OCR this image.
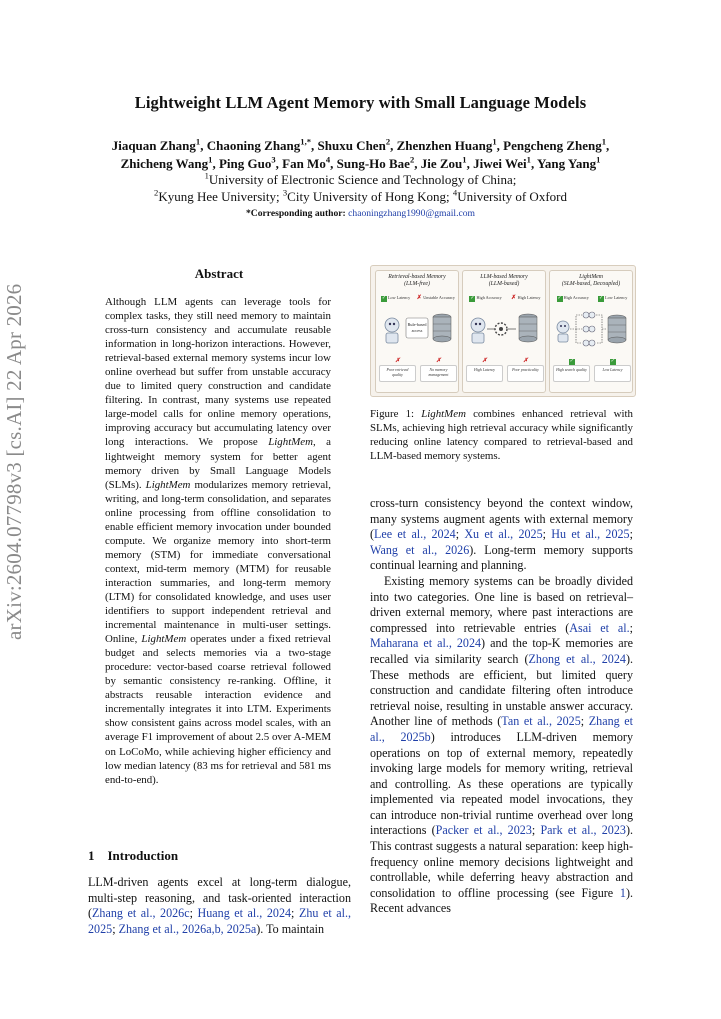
Lightweight LLM Agent Memory with Small Language Models
Jiaquan Zhang$^1$, Chaoning Zhang$^{1,*}$, Shuxu Chen$^2$, Zhenzhen Huang$^1$, Pengcheng Zheng$^1$,
Zhicheng Wang$^1$, Ping Guo$^3$, Fan Mo$^4$, Sung-Ho Bae$^2$, Jie Zou$^1$, Jiwei Wei$^1$, Yang Yang$^1$
$^1$University of Electronic Science and Technology of China;
$^2$Kyung Hee University; $^3$City University of Hong Kong; $^4$University of Oxford
*Corresponding author: chaoningzhang1990@gmail.com
arXiv:2604.07798v3 [cs.AI] 22 Apr 2026
Abstract
Although LLM agents can leverage tools for complex tasks, they still need memory to maintain cross-turn consistency and accumulate reusable information in long-horizon interactions. However, retrieval-based external memory systems incur low online overhead but suffer from unstable accuracy due to limited query construction and candidate filtering. In contrast, many systems use repeated large-model calls for online memory operations, improving accuracy but accumulating latency over long interactions. We propose LightMem, a lightweight memory system for better agent memory driven by Small Language Models (SLMs). LightMem modularizes memory retrieval, writing, and long-term consolidation, and separates online processing from offline consolidation to enable efficient memory invocation under bounded compute. We organize memory into short-term memory (STM) for immediate conversational context, mid-term memory (MTM) for reusable interaction summaries, and long-term memory (LTM) for consolidated knowledge, and uses user identifiers to support independent retrieval and incremental maintenance in multi-user settings. Online, LightMem operates under a fixed retrieval budget and selects memories via a two-stage procedure: vector-based coarse retrieval followed by semantic consistency re-ranking. Offline, it abstracts reusable interaction evidence and incrementally integrates it into LTM. Experiments show consistent gains across model scales, with an average F1 improvement of about 2.5 over A-MEM on LoCoMo, while achieving higher efficiency and low median latency (83 ms for retrieval and 581 ms end-to-end).
1 Introduction
LLM-driven agents excel at long-term dialogue, multi-step reasoning, and task-oriented interaction (Zhang et al., 2026c; Huang et al., 2024; Zhu et al., 2025; Zhang et al., 2026a,b, 2025a). To maintain
Retrieval-based Memory
(LLM-free)
✓ Low Latency ✗Unstable Accuracy
Rule-based
access
✗
Poor retrieval quality
✗
No memory management
LLM-based Memory
(LLM-based)
✓ High Accuracy ✗High Latency
✗
High Latency
✗
Poor practicality
LightMem
(SLM-based, Decoupled)
✓ High Accuracy ✓ Low Latency
✓
High search quality
✓
Low Latency
Figure 1: LightMem combines enhanced retrieval with SLMs, achieving high retrieval accuracy while significantly reducing online latency compared to retrieval-based and LLM-based memory systems.

cross-turn consistency beyond the context window, many systems augment agents with external memory (Lee et al., 2024; Xu et al., 2025; Hu et al., 2025; Wang et al., 2026). Long-term memory supports continual learning and planning.

Existing memory systems can be broadly divided into two categories. One line is based on retrieval–driven external memory, where past interactions are compressed into retrievable entries (Asai et al.; Maharana et al., 2024) and the top-K memories are recalled via similarity search (Zhong et al., 2024). These methods are efficient, but limited query construction and candidate filtering often introduce retrieval noise, resulting in unstable answer accuracy. Another line of methods (Tan et al., 2025; Zhang et al., 2025b) introduces LLM-driven memory operations on top of external memory, repeatedly invoking large models for memory writing, retrieval and controlling. As these operations are typically implemented via repeated model invocations, they can introduce non-trivial runtime overhead over long interactions (Packer et al., 2023; Park et al., 2023). This contrast suggests a natural separation: keep high-frequency online memory decisions lightweight and controllable, while deferring heavy abstraction and consolidation to offline processing (see Figure 1). Recent advances
